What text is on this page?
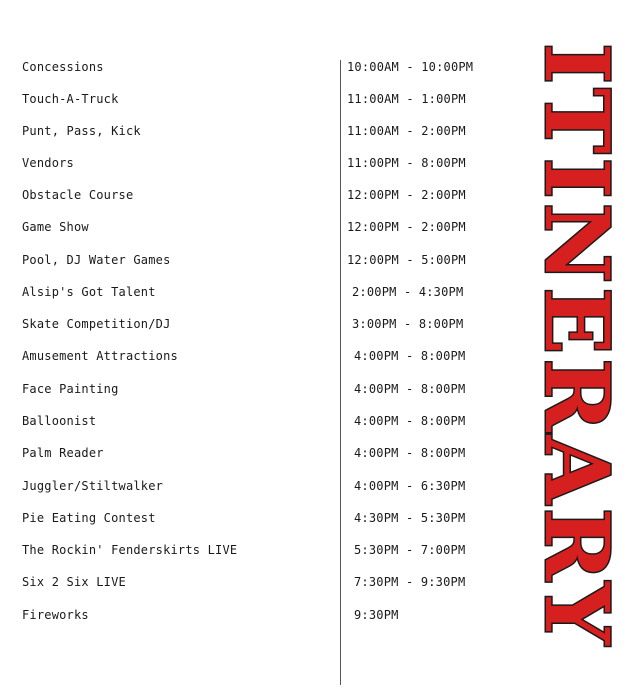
Concessions	10:00AM - 10:00PM
Touch-A-Truck	11:00AM - 1:00PM
Punt, Pass, Kick	11:00AM - 2:00PM
Vendors	11:00PM - 8:00PM
Obstacle Course	12:00PM - 2:00PM
Game Show	12:00PM - 2:00PM
Pool, DJ Water Games	12:00PM - 5:00PM
Alsip's Got Talent	2:00PM - 4:30PM
Skate Competition/DJ	3:00PM - 8:00PM
Amusement Attractions	4:00PM - 8:00PM
Face Painting	4:00PM - 8:00PM
Balloonist	4:00PM - 8:00PM
Palm Reader	4:00PM - 8:00PM
Juggler/Stiltwalker	4:00PM - 6:30PM
Pie Eating Contest	4:30PM - 5:30PM
The Rockin' Fenderskirts LIVE	5:30PM - 7:00PM
Six 2 Six LIVE	7:30PM - 9:30PM
Fireworks	9:30PM ITINERARY
